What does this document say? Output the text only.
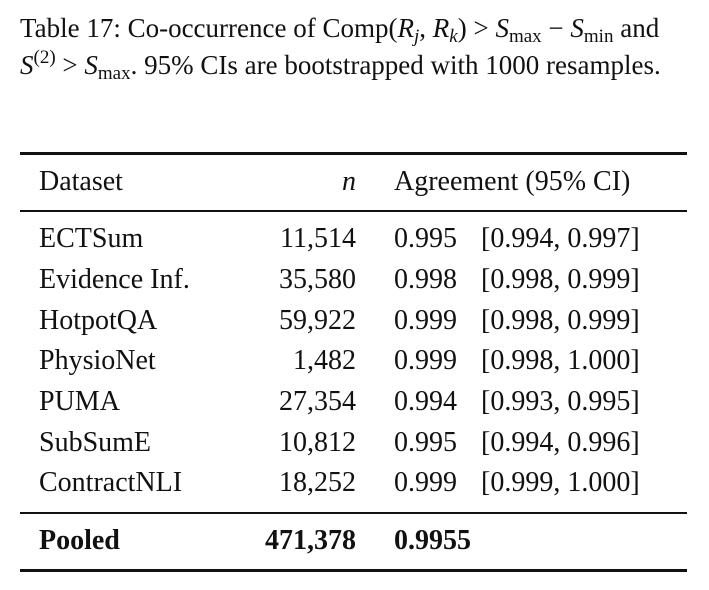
Table 17: Co-occurrence of $Comp(R_j$, $R_k) > S_{max} - S_{min}$ and $S^{(2)} > S_{max}$. 95% CIs are bootstrapped with 1000 resamples.
Dataset	n Agreement (95% CI)
ECTSum	11,514 0.995 [0.994, 0.997]
Evidence Inf.	35,580 0.998 [0.998, 0.999]
HotpotQA	59,922 0.999 [0.998, 0.999]
PhysioNet	1,482 0.999 [0.998, 1.000]
PUMA	27,354 0.994 [0.993, 0.995]
SubSumE	10,812 0.995 [0.994, 0.996]
ContractNLI	18,252 0.999 [0.999, 1.000]
Pooled	471,378 0.9955
